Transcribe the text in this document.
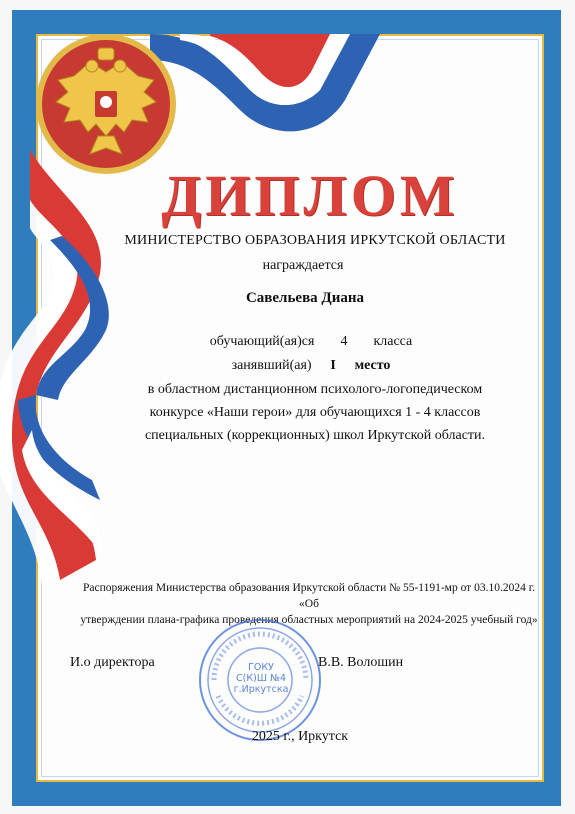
ДИПЛОМ
МИНИСТЕРСТВО ОБРАЗОВАНИЯ ИРКУТСКОЙ ОБЛАСТИ
награждается
Савельева Диана
обучающий(ая)ся 4 класса
занявший(ая) I место
в областном дистанционном психолого-логопедическом
конкурсе «Наши герои» для обучающихся 1 - 4 классов
специальных (коррекционных) школ Иркутской области.
Распоряжения Министерства образования Иркутской области № 55-1191-мр от 03.10.2024 г. «Об
утверждении плана-графика проведения областных мероприятий на 2024-2025 учебный год»
ГОКУ
С(К)Ш №4
г.Иркутска
И.о директора	В.В. Волошин
2025 г., Иркутск
